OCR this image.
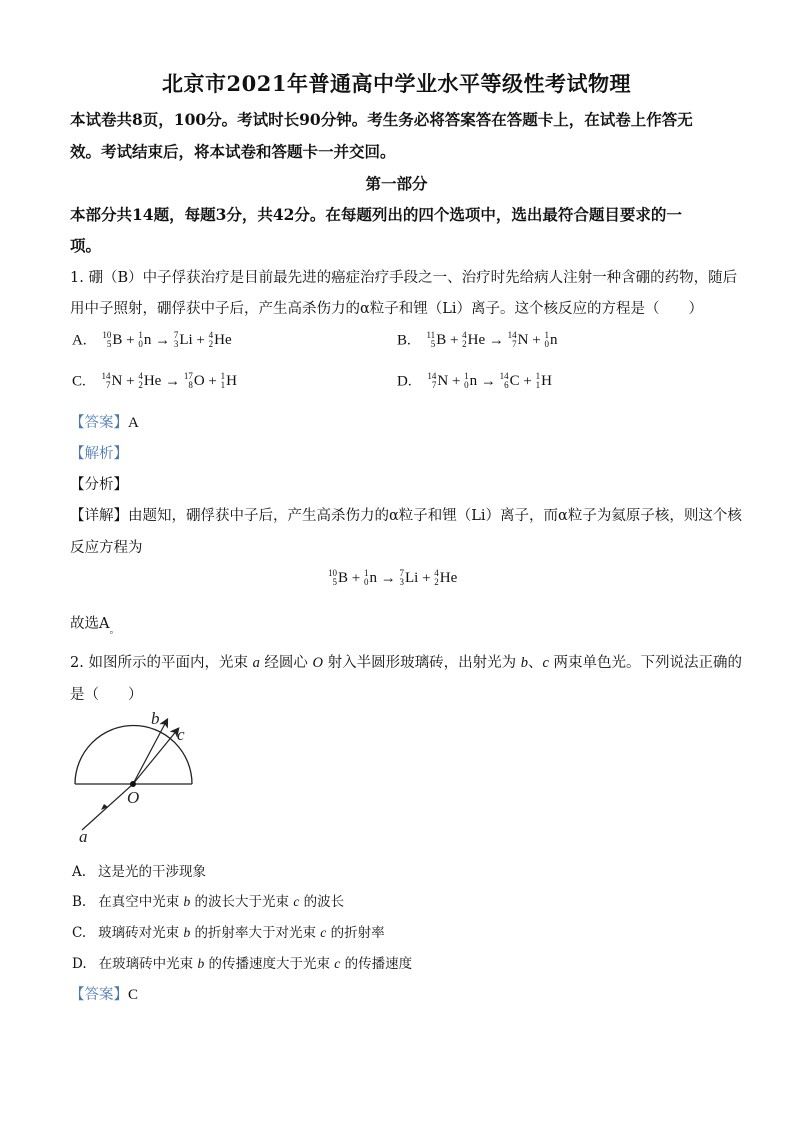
北京市2021年普通高中学业水平等级性考试物理
本试卷共8页，100分。考试时长90分钟。考生务必将答案答在答题卡上，在试卷上作答无
效。考试结束后，将本试卷和答题卡一并交回。
第一部分
本部分共14题，每题3分，共42分。在每题列出的四个选项中，选出最符合题目要求的一
项。
1. 硼（B）中子俘获治疗是目前最先进的癌症治疗手段之一、治疗时先给病人注射一种含硼的药物，随后
用中子照射，硼俘获中子后，产生高杀伤力的α粒子和锂（Li）离子。这个核反应的方程是（　　）
A. 10
5 B + 1
0 n → 7
3 Li + 4
2 He	B. 11
5 B + 4
2 He → 14
7 N + 1
0 n
C. 14
7 N + 4
2 He → 17
8 O + 1
1 H	D. 14
7 N + 1
0 n → 14
6 C + 1
1 H
【答案】A
【解析】
【分析】
【详解】由题知，硼俘获中子后，产生高杀伤力的α粒子和锂（Li）离子，而α粒子为氦原子核，则这个核
反应方程为
10
5 B + 1
0 n → 7
3 Li + 4
2 He
故选$A_。$
2. 如图所示的平面内，光束 a 经圆心 O 射入半圆形玻璃砖，出射光为 b、c 两束单色光。下列说法正确的
是（　　）
b
c
O
a
A. 这是光的干涉现象
B. 在真空中光束 b 的波长大于光束 c 的波长
C. 玻璃砖对光束 b 的折射率大于对光束 c 的折射率
D. 在玻璃砖中光束 b 的传播速度大于光束 c 的传播速度
【答案】C
